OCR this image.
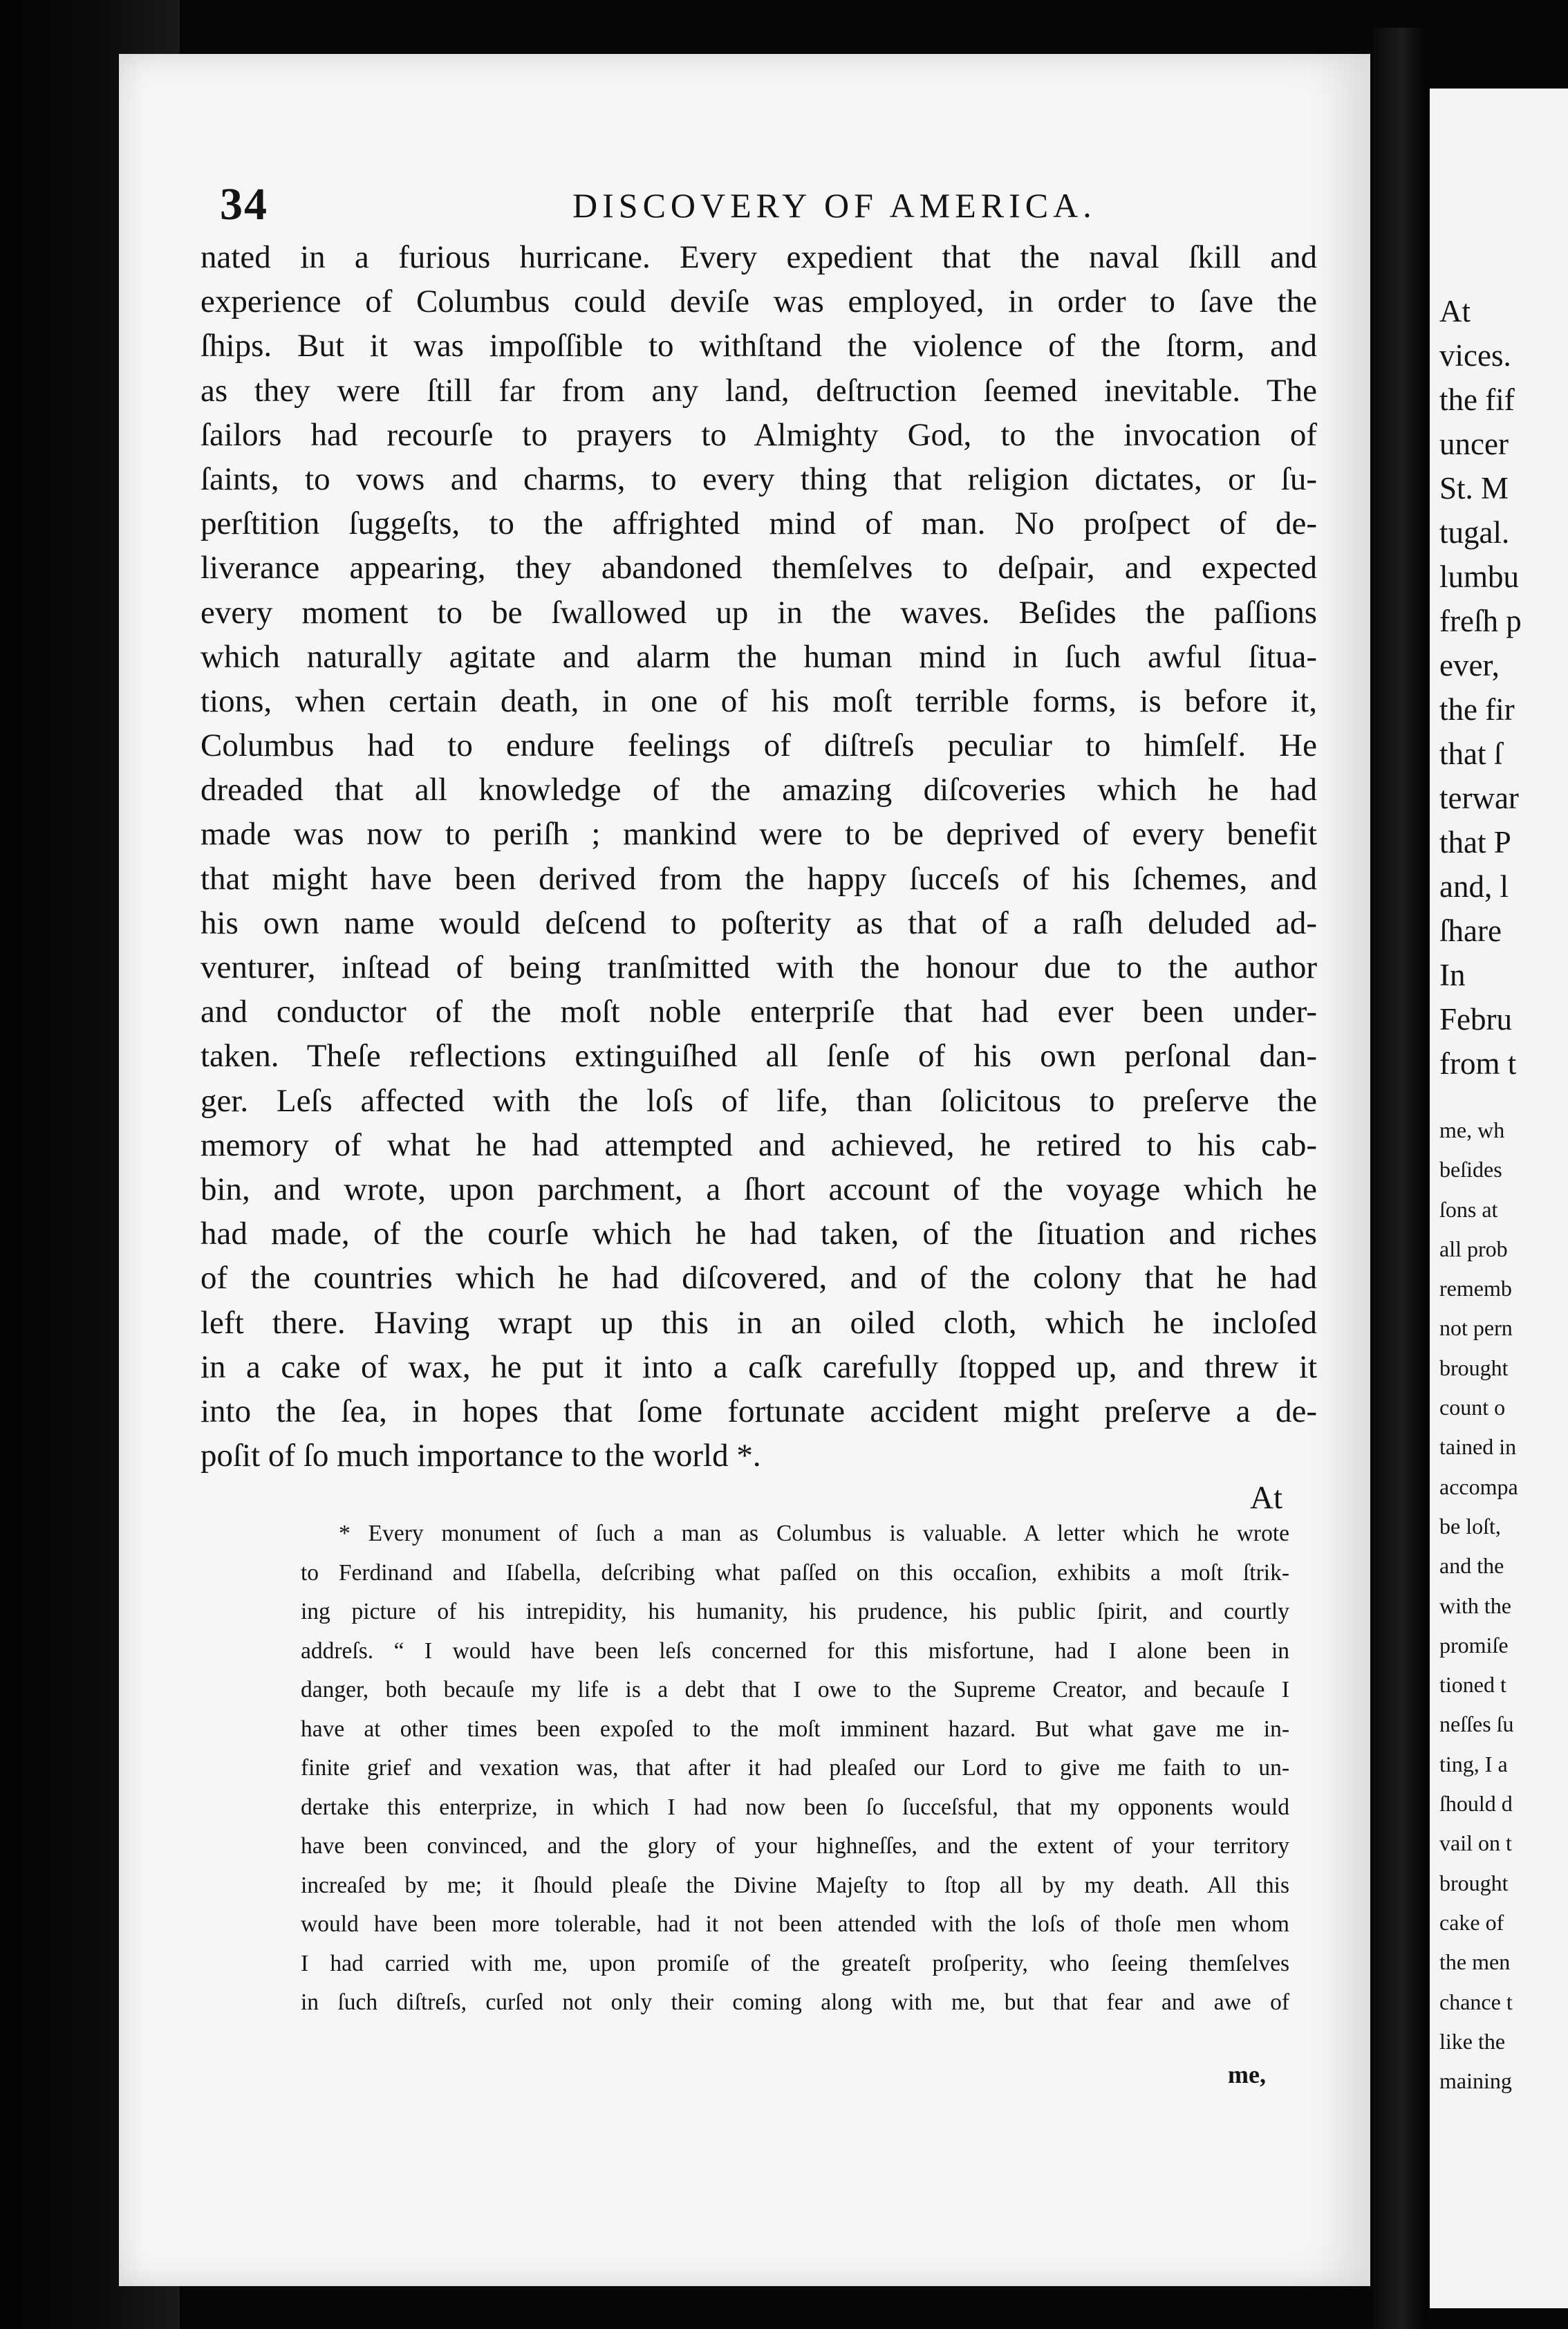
34	DISCOVERY OF AMERICA.
nated in a furious hurricane. Every expedient that the naval ſkill and
experience of Columbus could deviſe was employed, in order to ſave the
ſhips. But it was impoſſible to withſtand the violence of the ſtorm, and
as they were ſtill far from any land, deſtruction ſeemed inevitable. The
ſailors had recourſe to prayers to Almighty God, to the invocation of
ſaints, to vows and charms, to every thing that religion dictates, or ſu-
perſtition ſuggeſts, to the affrighted mind of man. No proſpect of de-
liverance appearing, they abandoned themſelves to deſpair, and expected
every moment to be ſwallowed up in the waves. Beſides the paſſions
which naturally agitate and alarm the human mind in ſuch awful ſitua-
tions, when certain death, in one of his moſt terrible forms, is before it,
Columbus had to endure feelings of diſtreſs peculiar to himſelf. He
dreaded that all knowledge of the amazing diſcoveries which he had
made was now to periſh ; mankind were to be deprived of every benefit
that might have been derived from the happy ſucceſs of his ſchemes, and
his own name would deſcend to poſterity as that of a raſh deluded ad-
venturer, inſtead of being tranſmitted with the honour due to the author
and conductor of the moſt noble enterpriſe that had ever been under-
taken. Theſe reflections extinguiſhed all ſenſe of his own perſonal dan-
ger. Leſs affected with the loſs of life, than ſolicitous to preſerve the
memory of what he had attempted and achieved, he retired to his cab-
bin, and wrote, upon parchment, a ſhort account of the voyage which he
had made, of the courſe which he had taken, of the ſituation and riches
of the countries which he had diſcovered, and of the colony that he had
left there. Having wrapt up this in an oiled cloth, which he incloſed
in a cake of wax, he put it into a caſk carefully ſtopped up, and threw it
into the ſea, in hopes that ſome fortunate accident might preſerve a de-
poſit of ſo much importance to the world *.
At
* Every monument of ſuch a man as Columbus is valuable. A letter which he wrote
to Ferdinand and Iſabella, deſcribing what paſſed on this occaſion, exhibits a moſt ſtrik-
ing picture of his intrepidity, his humanity, his prudence, his public ſpirit, and courtly
addreſs. “ I would have been leſs concerned for this misfortune, had I alone been in
danger, both becauſe my life is a debt that I owe to the Supreme Creator, and becauſe I
have at other times been expoſed to the moſt imminent hazard. But what gave me in-
finite grief and vexation was, that after it had pleaſed our Lord to give me faith to un-
dertake this enterprize, in which I had now been ſo ſucceſsful, that my opponents would
have been convinced, and the glory of your highneſſes, and the extent of your territory
increaſed by me; it ſhould pleaſe the Divine Majeſty to ſtop all by my death. All this
would have been more tolerable, had it not been attended with the loſs of thoſe men whom
I had carried with me, upon promiſe of the greateſt proſperity, who ſeeing themſelves
in ſuch diſtreſs, curſed not only their coming along with me, but that fear and awe of
me,
At
vices.
the fif
uncer
St. M
tugal.
lumbu
freſh p
ever,
the fir
that ſ
terwar
that P
and, l
ſhare
In
Febru
from t
me, wh
beſides
ſons at
all prob
rememb
not pern
brought
count o
tained in
accompa
be loſt,
and the
with the
promiſe
tioned t
neſſes ſu
ting, I a
ſhould d
vail on t
brought
cake of
the men
chance t
like the
maining
